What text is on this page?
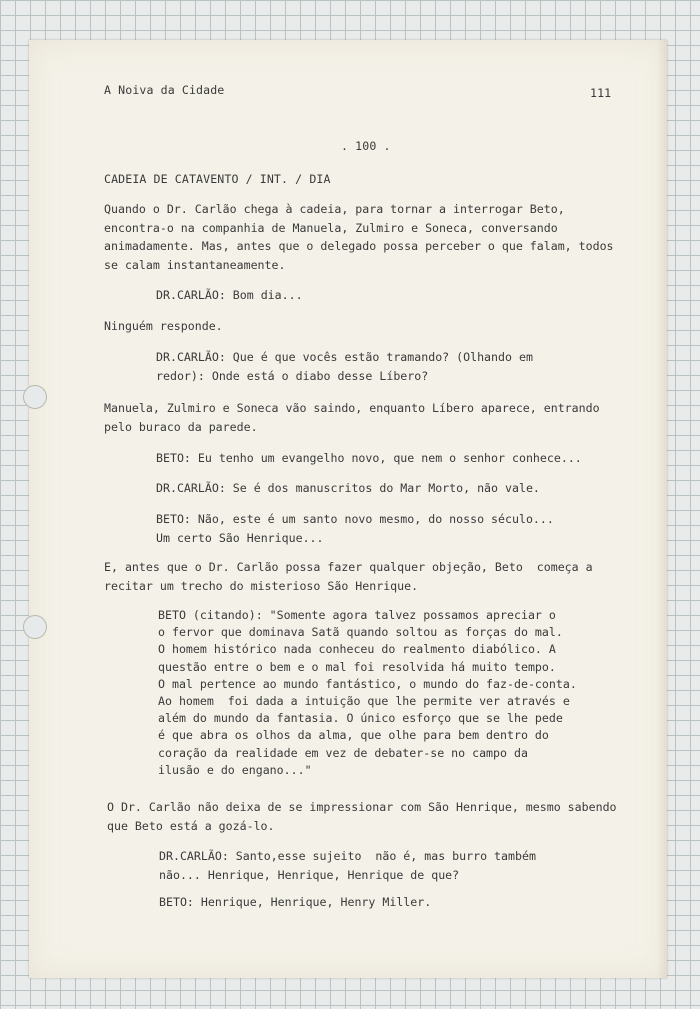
A Noiva da Cidade	111
. 100 .
CADEIA DE CATAVENTO / INT. / DIA
Quando o Dr. Carlão chega à cadeia, para tornar a interrogar Beto,
encontra-o na companhia de Manuela, Zulmiro e Soneca, conversando
animadamente. Mas, antes que o delegado possa perceber o que falam, todos
se calam instantaneamente.
DR.CARLÃO: Bom dia...
Ninguém responde.
DR.CARLÃO: Que é que vocês estão tramando? (Olhando em
redor): Onde está o diabo desse Líbero?
Manuela, Zulmiro e Soneca vão saindo, enquanto Líbero aparece, entrando
pelo buraco da parede.
BETO: Eu tenho um evangelho novo, que nem o senhor conhece...
DR.CARLÃO: Se é dos manuscritos do Mar Morto, não vale.
BETO: Não, este é um santo novo mesmo, do nosso século...
Um certo São Henrique...
E, antes que o Dr. Carlão possa fazer qualquer objeção, Beto  começa a
recitar um trecho do misterioso São Henrique.
BETO (citando): "Somente agora talvez possamos apreciar o
o fervor que dominava Satã quando soltou as forças do mal.
O homem histórico nada conheceu do realmento diabólico. A
questão entre o bem e o mal foi resolvida há muito tempo.
O mal pertence ao mundo fantástico, o mundo do faz-de-conta.
Ao homem  foi dada a intuição que lhe permite ver através e
além do mundo da fantasia. O único esforço que se lhe pede
é que abra os olhos da alma, que olhe para bem dentro do
coração da realidade em vez de debater-se no campo da
ilusão e do engano..."
O Dr. Carlão não deixa de se impressionar com São Henrique, mesmo sabendo
que Beto está a gozá-lo.
DR.CARLÃO: Santo,esse sujeito  não é, mas burro também
não... Henrique, Henrique, Henrique de que?
BETO: Henrique, Henrique, Henry Miller.
